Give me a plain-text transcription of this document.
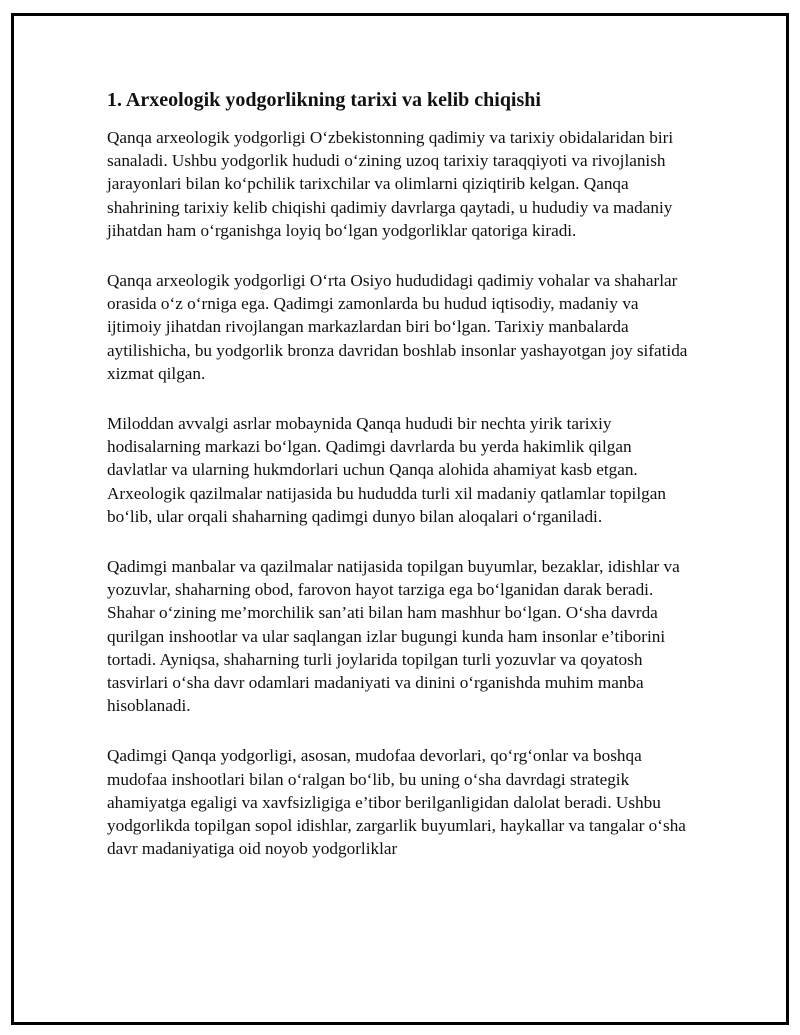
1. Arxeologik yodgorlikning tarixi va kelib chiqishi

Qanqa arxeologik yodgorligi O‘zbekistonning qadimiy va tarixiy obidalaridan biri sanaladi. Ushbu yodgorlik hududi o‘zining uzoq tarixiy taraqqiyoti va rivojlanish jarayonlari bilan ko‘pchilik tarixchilar va olimlarni qiziqtirib kelgan. Qanqa shahrining tarixiy kelib chiqishi qadimiy davrlarga qaytadi, u hududiy va madaniy jihatdan ham o‘rganishga loyiq bo‘lgan yodgorliklar qatoriga kiradi.

Qanqa arxeologik yodgorligi O‘rta Osiyo hududidagi qadimiy vohalar va shaharlar orasida o‘z o‘rniga ega. Qadimgi zamonlarda bu hudud iqtisodiy, madaniy va ijtimoiy jihatdan rivojlangan markazlardan biri bo‘lgan. Tarixiy manbalarda aytilishicha, bu yodgorlik bronza davridan boshlab insonlar yashayotgan joy sifatida xizmat qilgan.

Miloddan avvalgi asrlar mobaynida Qanqa hududi bir nechta yirik tarixiy hodisalarning markazi bo‘lgan. Qadimgi davrlarda bu yerda hakimlik qilgan davlatlar va ularning hukmdorlari uchun Qanqa alohida ahamiyat kasb etgan. Arxeologik qazilmalar natijasida bu hududda turli xil madaniy qatlamlar topilgan bo‘lib, ular orqali shaharning qadimgi dunyo bilan aloqalari o‘rganiladi.

Qadimgi manbalar va qazilmalar natijasida topilgan buyumlar, bezaklar, idishlar va yozuvlar, shaharning obod, farovon hayot tarziga ega bo‘lganidan darak beradi. Shahar o‘zining me’morchilik san’ati bilan ham mashhur bo‘lgan. O‘sha davrda qurilgan inshootlar va ular saqlangan izlar bugungi kunda ham insonlar e’tiborini tortadi. Ayniqsa, shaharning turli joylarida topilgan turli yozuvlar va qoyatosh tasvirlari o‘sha davr odamlari madaniyati va dinini o‘rganishda muhim manba hisoblanadi.

Qadimgi Qanqa yodgorligi, asosan, mudofaa devorlari, qo‘rg‘onlar va boshqa mudofaa inshootlari bilan o‘ralgan bo‘lib, bu uning o‘sha davrdagi strategik ahamiyatga egaligi va xavfsizligiga e’tibor berilganligidan dalolat beradi. Ushbu yodgorlikda topilgan sopol idishlar, zargarlik buyumlari, haykallar va tangalar o‘sha davr madaniyatiga oid noyob yodgorliklar
